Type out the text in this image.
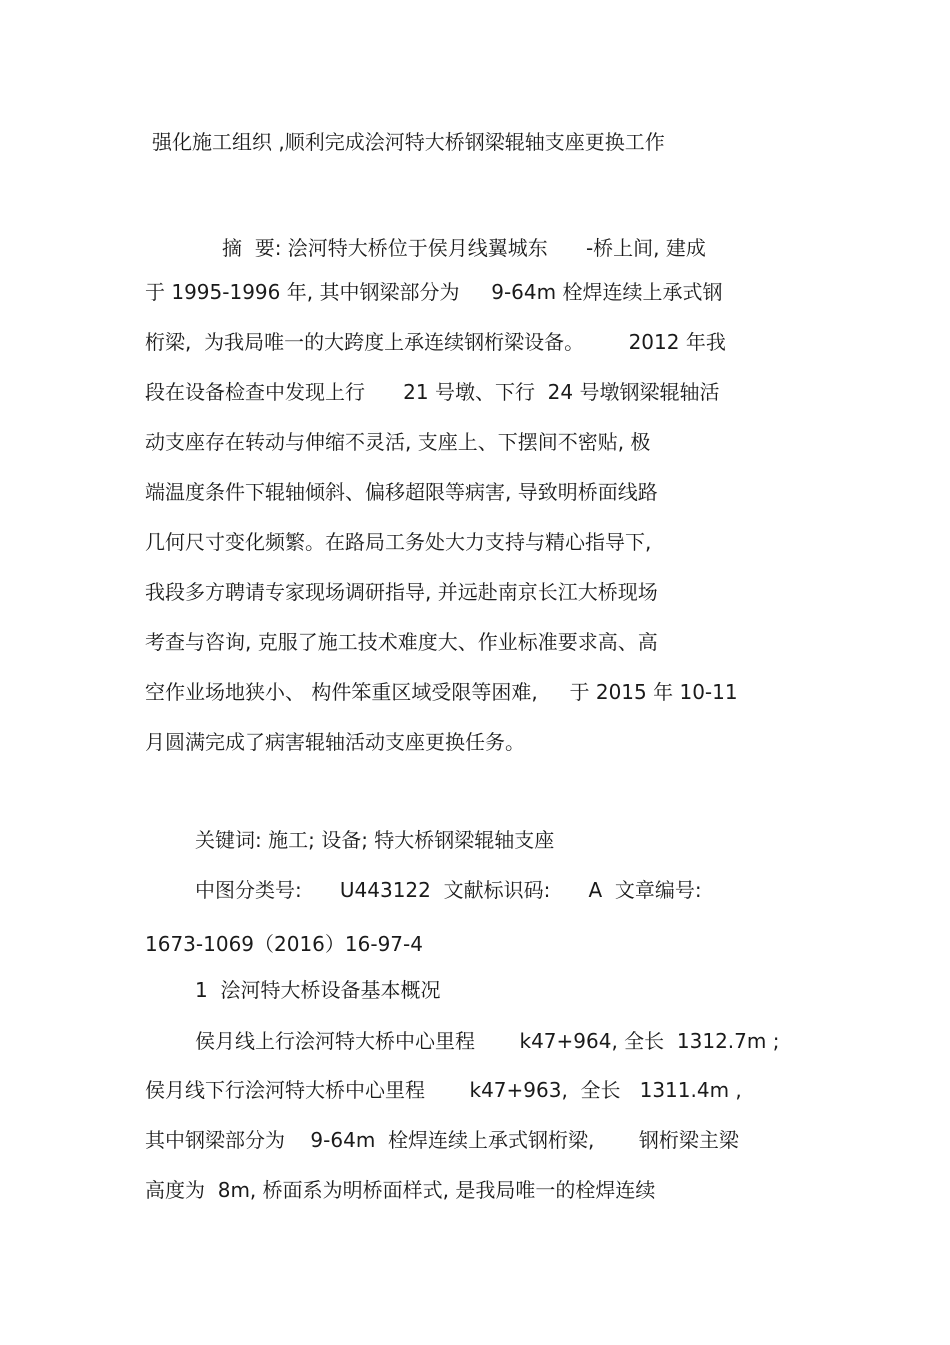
强化施工组织 ,顺利完成浍河特大桥钢梁辊轴支座更换工作
摘  要: 浍河特大桥位于侯月线翼城东      -桥上间, 建成
于 1995-1996 年, 其中钢梁部分为     9-64m 栓焊连续上承式钢
桁梁,  为我局唯一的大跨度上承连续钢桁梁设备。       2012 年我
段在设备检查中发现上行      21 号墩、下行  24 号墩钢梁辊轴活
动支座存在转动与伸缩不灵活, 支座上、下摆间不密贴, 极
端温度条件下辊轴倾斜、偏移超限等病害, 导致明桥面线路
几何尺寸变化频繁。在路局工务处大力支持与精心指导下,
我段多方聘请专家现场调研指导, 并远赴南京长江大桥现场
考查与咨询, 克服了施工技术难度大、作业标准要求高、高
空作业场地狭小、 构件笨重区域受限等困难,     于 2015 年 10-11
月圆满完成了病害辊轴活动支座更换任务。
关键词: 施工; 设备; 特大桥钢梁辊轴支座
中图分类号:      U443122  文献标识码:      A  文章编号:
1673-1069（2016）16-97-4
1  浍河特大桥设备基本概况
侯月线上行浍河特大桥中心里程       k47+964, 全长  1312.7m ;
侯月线下行浍河特大桥中心里程       k47+963,  全长   1311.4m ,
其中钢梁部分为    9-64m  栓焊连续上承式钢桁梁,       钢桁梁主梁
高度为  8m, 桥面系为明桥面样式, 是我局唯一的栓焊连续
